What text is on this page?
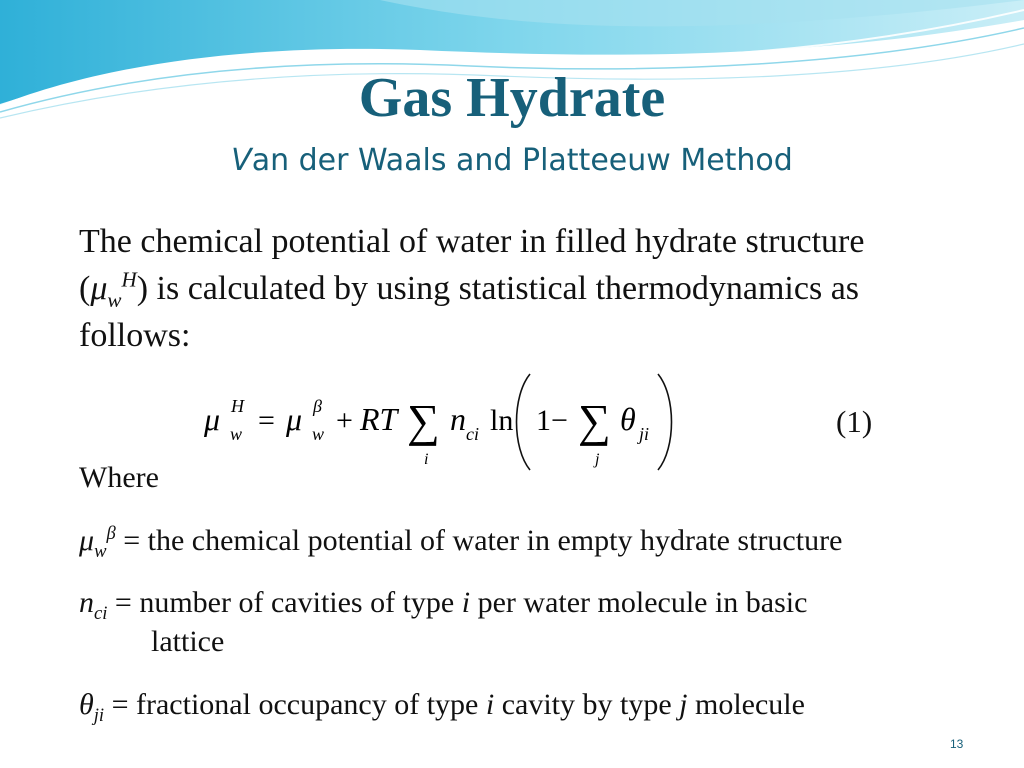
Gas Hydrate
Van der Waals and Platteeuw Method
The chemical potential of water in filled hydrate structure $(\mu_w^H)$ is calculated by using statistical thermodynamics as follows:
μ H
w = μ β
w + RT ∑
i
n ci ln 1− ∑
j
θ ji	(1)
Where
$\mu_w^\beta$ = the chemical potential of water in empty hydrate structure
$n_{ci}$ = number of cavities of type i per water molecule in basic
lattice
$\theta_{ji}$ = fractional occupancy of type i cavity by type j molecule
13
